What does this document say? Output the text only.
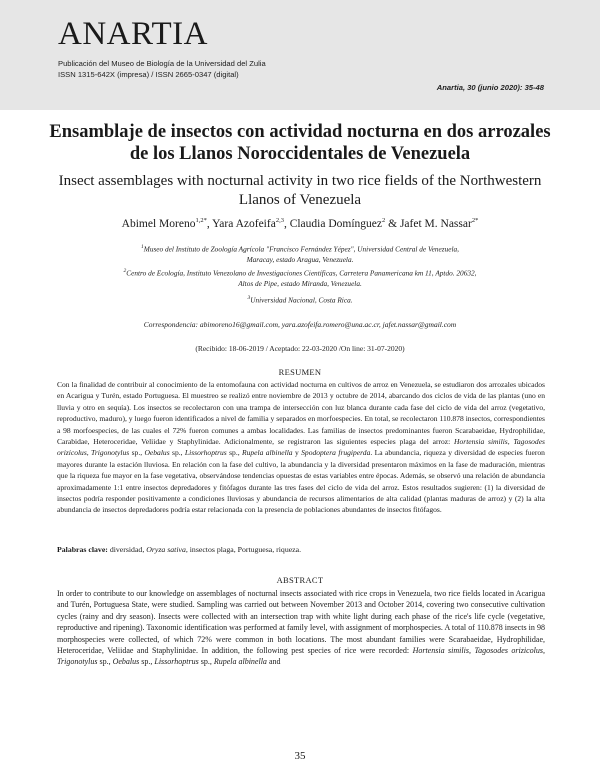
ANARTIA
Publicación del Museo de Biología de la Universidad del Zulia
ISSN 1315-642X (impresa) / ISSN 2665-0347 (digital)
Anartia, 30 (junio 2020): 35-48
Ensamblaje de insectos con actividad nocturna en dos arrozales de los Llanos Noroccidentales de Venezuela
Insect assemblages with nocturnal activity in two rice fields of the Northwestern Llanos of Venezuela
Abimel Moreno$^{1,2*}$, Yara Azofeifa$^{2,3}$, Claudia Domínguez$^2$ & Jafet M. Nassar$^{2*}$
$^1$Museo del Instituto de Zoología Agrícola "Francisco Fernández Yépez", Universidad Central de Venezuela,
Maracay, estado Aragua, Venezuela.
$^2$Centro de Ecología, Instituto Venezolano de Investigaciones Científicas, Carretera Panamericana km 11, Aptdo. 20632,
Altos de Pipe, estado Miranda, Venezuela.
$^3$Universidad Nacional, Costa Rica.
Correspondencia: abimoreno16@gmail.com, yara.azofeifa.romero@una.ac.cr, jafet.nassar@gmail.com
(Recibido: 18-06-2019 / Aceptado: 22-03-2020 /On line: 31-07-2020)
RESUMEN

Con la finalidad de contribuir al conocimiento de la entomofauna con actividad nocturna en cultivos de arroz en Venezuela, se estudiaron dos arrozales ubicados en Acarigua y Turén, estado Portuguesa. El muestreo se realizó entre noviembre de 2013 y octubre de 2014, abarcando dos ciclos de vida de las plantas (uno en lluvia y otro en sequía). Los insectos se recolectaron con una trampa de intersección con luz blanca durante cada fase del ciclo de vida del arroz (vegetativo, reproductivo, maduro), y luego fueron identificados a nivel de familia y separados en morfoespecies. En total, se recolectaron 110.878 insectos, correspondientes a 98 morfoespecies, de las cuales el 72% fueron comunes a ambas localidades. Las familias de insectos predominantes fueron Scarabaeidae, Hydrophilidae, Carabidae, Heteroceridae, Veliidae y Staphylinidae. Adicionalmente, se registraron las siguientes especies plaga del arroz: Hortensia similis, Tagosodes orizicolus, Trigonotylus sp., Oebalus sp., Lissorhoptrus sp., Rupela albinella y Spodoptera frugiperda. La abundancia, riqueza y diversidad de especies fueron mayores durante la estación lluviosa. En relación con la fase del cultivo, la abundancia y la diversidad presentaron máximos en la fase de maduración, mientras que la riqueza fue mayor en la fase vegetativa, observándose tendencias opuestas de estas variables entre épocas. Además, se observó una relación de abundancia aproximadamente 1:1 entre insectos depredadores y fitófagos durante las tres fases del ciclo de vida del arroz. Estos resultados sugieren: (1) la diversidad de insectos podría responder positivamente a condiciones lluviosas y abundancia de recursos alimentarios de alta calidad (plantas maduras de arroz) y (2) la alta abundancia de insectos depredadores podría estar relacionada con la presencia de poblaciones abundantes de insectos fitófagos.

Palabras clave: diversidad, Oryza sativa, insectos plaga, Portuguesa, riqueza.
ABSTRACT

In order to contribute to our knowledge on assemblages of nocturnal insects associated with rice crops in Venezuela, two rice fields located in Acarigua and Turén, Portuguesa State, were studied. Sampling was carried out between November 2013 and October 2014, covering two consecutive cultivation cycles (rainy and dry season). Insects were collected with an intersection trap with white light during each phase of the rice's life cycle (vegetative, reproductive and ripening). Taxonomic identification was performed at family level, with assignment of morphospecies. A total of 110.878 insects in 98 morphospecies were collected, of which 72% were common in both locations. The most abundant families were Scarabaeidae, Hydrophilidae, Heteroceridae, Veliidae and Staphylinidae. In addition, the following pest species of rice were recorded: Hortensia similis, Tagosodes orizicolus, Trigonotylus sp., Oebalus sp., Lissorhoptrus sp., Rupela albinella and

35
